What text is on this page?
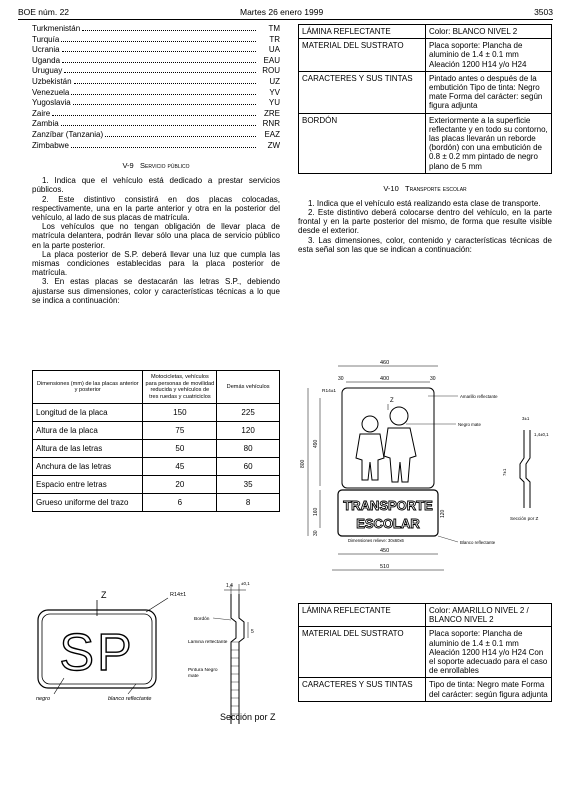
BOE núm. 22	Martes 26 enero 1999	3503
Turkmenistán	TM
Turquía	TR
Ucrania	UA
Uganda	EAU
Uruguay	ROU
Uzbekistán	UZ
Venezuela	YV
Yugoslavia	YU
Zaire	ZRE
Zambia	RNR
Zanzíbar (Tanzania)	EAZ
Zimbabwe	ZW
V-9 Servicio público

1. Indica que el vehículo está dedicado a prestar servicios públicos.

2. Este distintivo consistirá en dos placas colocadas, respectivamente, una en la parte anterior y otra en la posterior del vehículo, al lado de sus placas de matrícula.

Los vehículos que no tengan obligación de llevar placa de matrícula delantera, podrán llevar sólo una placa de servicio público en la parte posterior.

La placa posterior de S.P. deberá llevar una luz que cumpla las mismas condiciones establecidas para la placa posterior de matrícula.

3. En estas placas se destacarán las letras S.P., debiendo ajustarse sus dimensiones, color y características técnicas a lo que se indica a continuación:

Dimensiones (mm) de las placas anterior y posterior	Motocicletas, vehículos para personas de movilidad reducida y vehículos de tres ruedas y cuatriciclos	Demás vehículos
Longitud de la placa	150	225
Altura de la placa	75	120
Altura de las letras	50	80
Anchura de las letras	45	60
Espacio entre letras	20	35
Grueso uniforme del trazo	6	8
SP
Z	R14±1
negro	blanco reflectante
1,4 ±0,1
5
Bordón
Lámina reflectante
Pintura Negro mate
Sección por Z
LÁMINA REFLECTANTE	Color: BLANCO NIVEL 2
MATERIAL DEL SUSTRATO	Placa soporte: Plancha de aluminio de 1.4 ± 0.1 mm Aleación 1200 H14 y/o H24
CARACTERES Y SUS TINTAS	Pintado antes o después de la embutición Tipo de tinta: Negro mate Forma del carácter: según figura adjunta
BORDÓN	Exteriormente a la superficie reflectante y en todo su contorno, las placas llevarán un reborde (bordón) con una embutición de 0.8 ± 0.2 mm pintado de negro plano de 5 mm
V-10 Transporte escolar

1. Indica que el vehículo está realizando esta clase de transporte.

2. Este distintivo deberá colocarse dentro del vehículo, en la parte frontal y en la parte posterior del mismo, de forma que resulte visible desde el exterior.

3. Las dimensiones, color, contenido y características técnicas de esta señal son las que se indican a continuación:

460
400
30	30
R14±1
Z
TRANSPORTE
ESCOLAR
800
490
160
30
120
450
510
Dimensiones relieve: 30x60x6
Amarillo reflectante
Negro mate
Blanco reflectante
1,4±0,1
3±1
7±1
Sección por Z
LÁMINA REFLECTANTE	Color: AMARILLO NIVEL 2 / BLANCO NIVEL 2
MATERIAL DEL SUSTRATO	Placa soporte: Plancha de aluminio de 1.4 ± 0.1 mm Aleación 1200 H14 y/o H24 Con el soporte adecuado para el caso de enrollables
CARACTERES Y SUS TINTAS	Tipo de tinta: Negro mate Forma del carácter: según figura adjunta
